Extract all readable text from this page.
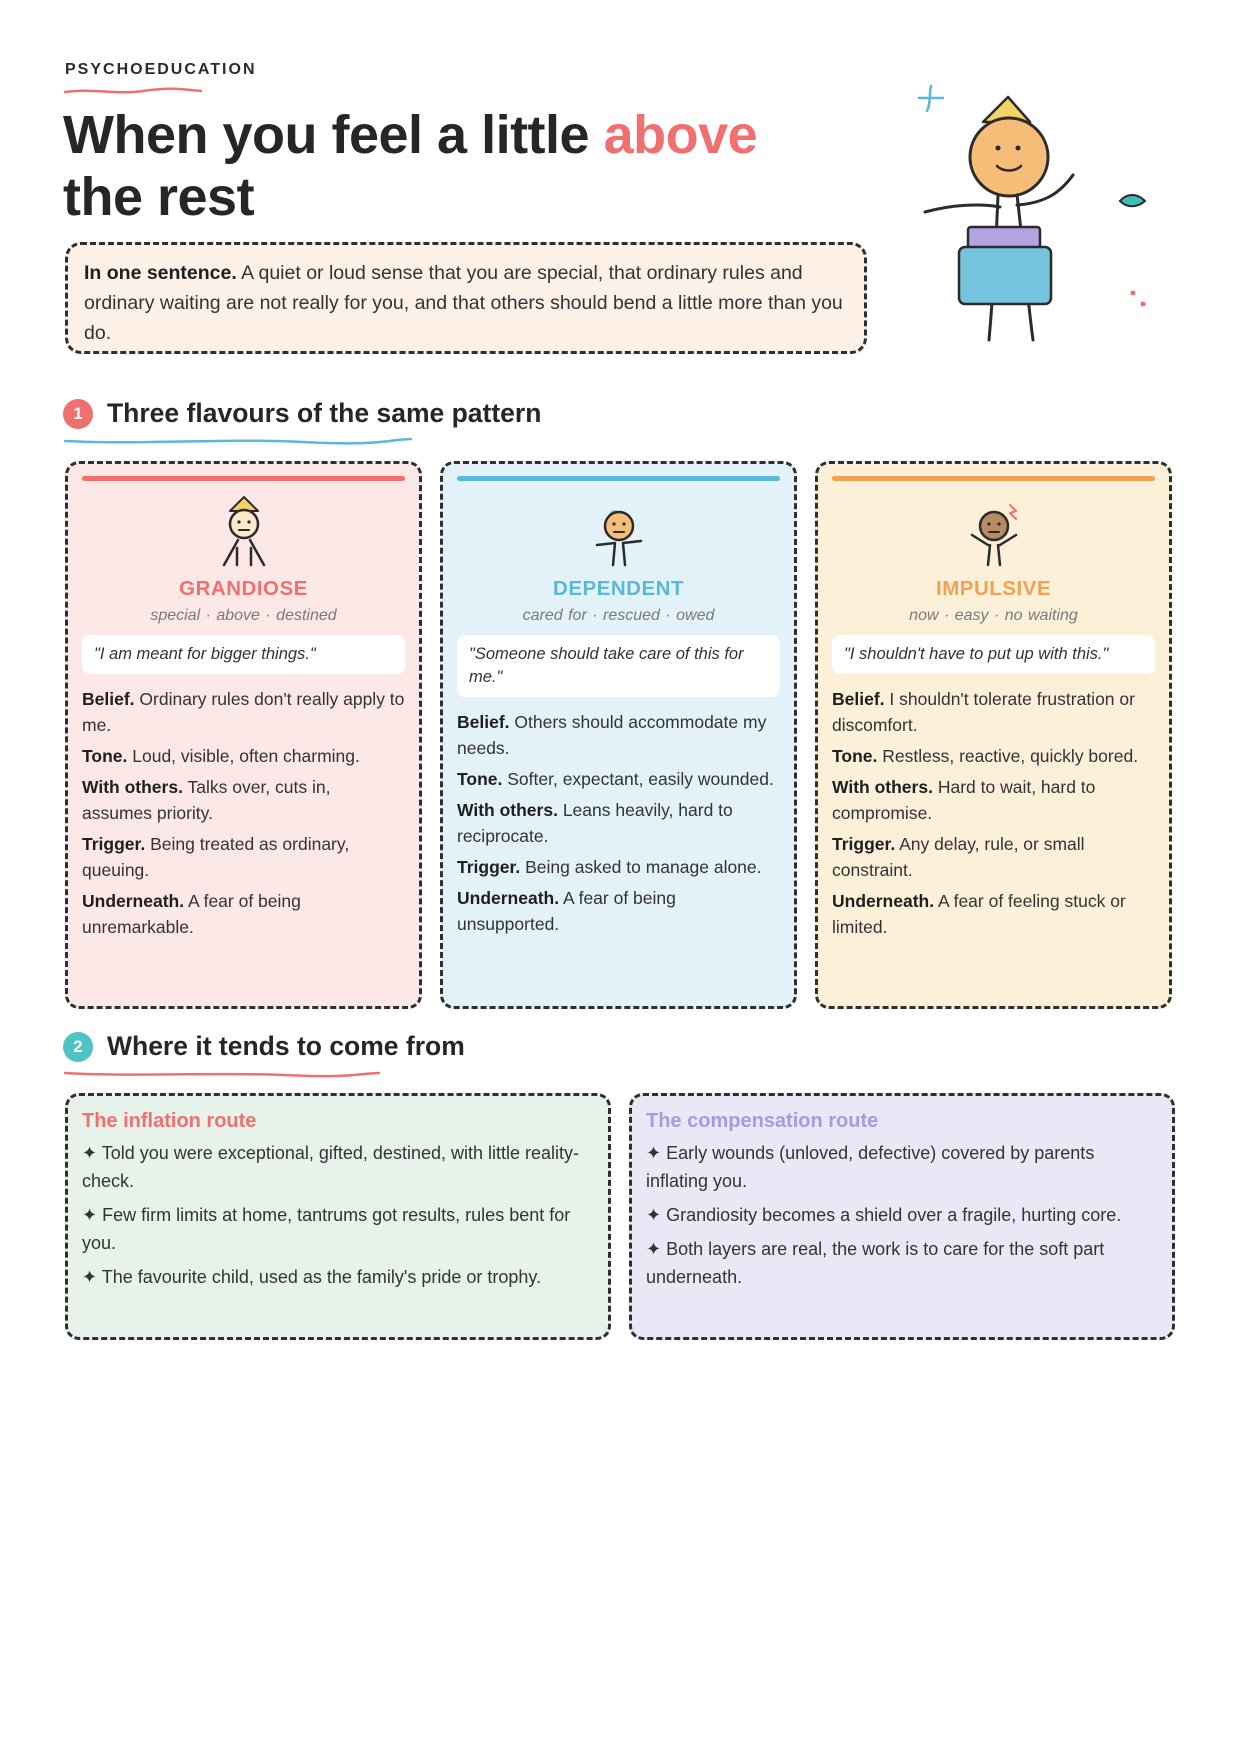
PSYCHOEDUCATION
When you feel a little above
the rest
In one sentence. A quiet or loud sense that you are special, that ordinary rules and ordinary waiting are not really for you, and that others should bend a little more than you do.
1 Three flavours of the same pattern
GRANDIOSE
special · above · destined
"I am meant for bigger things."
Belief. Ordinary rules don't really apply to me.
Tone. Loud, visible, often charming.
With others. Talks over, cuts in, assumes priority.
Trigger. Being treated as ordinary, queuing.
Underneath. A fear of being unremarkable.
DEPENDENT
cared for · rescued · owed
"Someone should take care of this for me."
Belief. Others should accommodate my needs.
Tone. Softer, expectant, easily wounded.
With others. Leans heavily, hard to reciprocate.
Trigger. Being asked to manage alone.
Underneath. A fear of being unsupported.
IMPULSIVE
now · easy · no waiting
"I shouldn't have to put up with this."
Belief. I shouldn't tolerate frustration or discomfort.
Tone. Restless, reactive, quickly bored.
With others. Hard to wait, hard to compromise.
Trigger. Any delay, rule, or small constraint.
Underneath. A fear of feeling stuck or limited.
2 Where it tends to come from
The inflation route
✦ Told you were exceptional, gifted, destined, with little reality-check.
✦ Few firm limits at home, tantrums got results, rules bent for you.
✦ The favourite child, used as the family's pride or trophy.
The compensation route
✦ Early wounds (unloved, defective) covered by parents inflating you.
✦ Grandiosity becomes a shield over a fragile, hurting core.
✦ Both layers are real, the work is to care for the soft part underneath.
